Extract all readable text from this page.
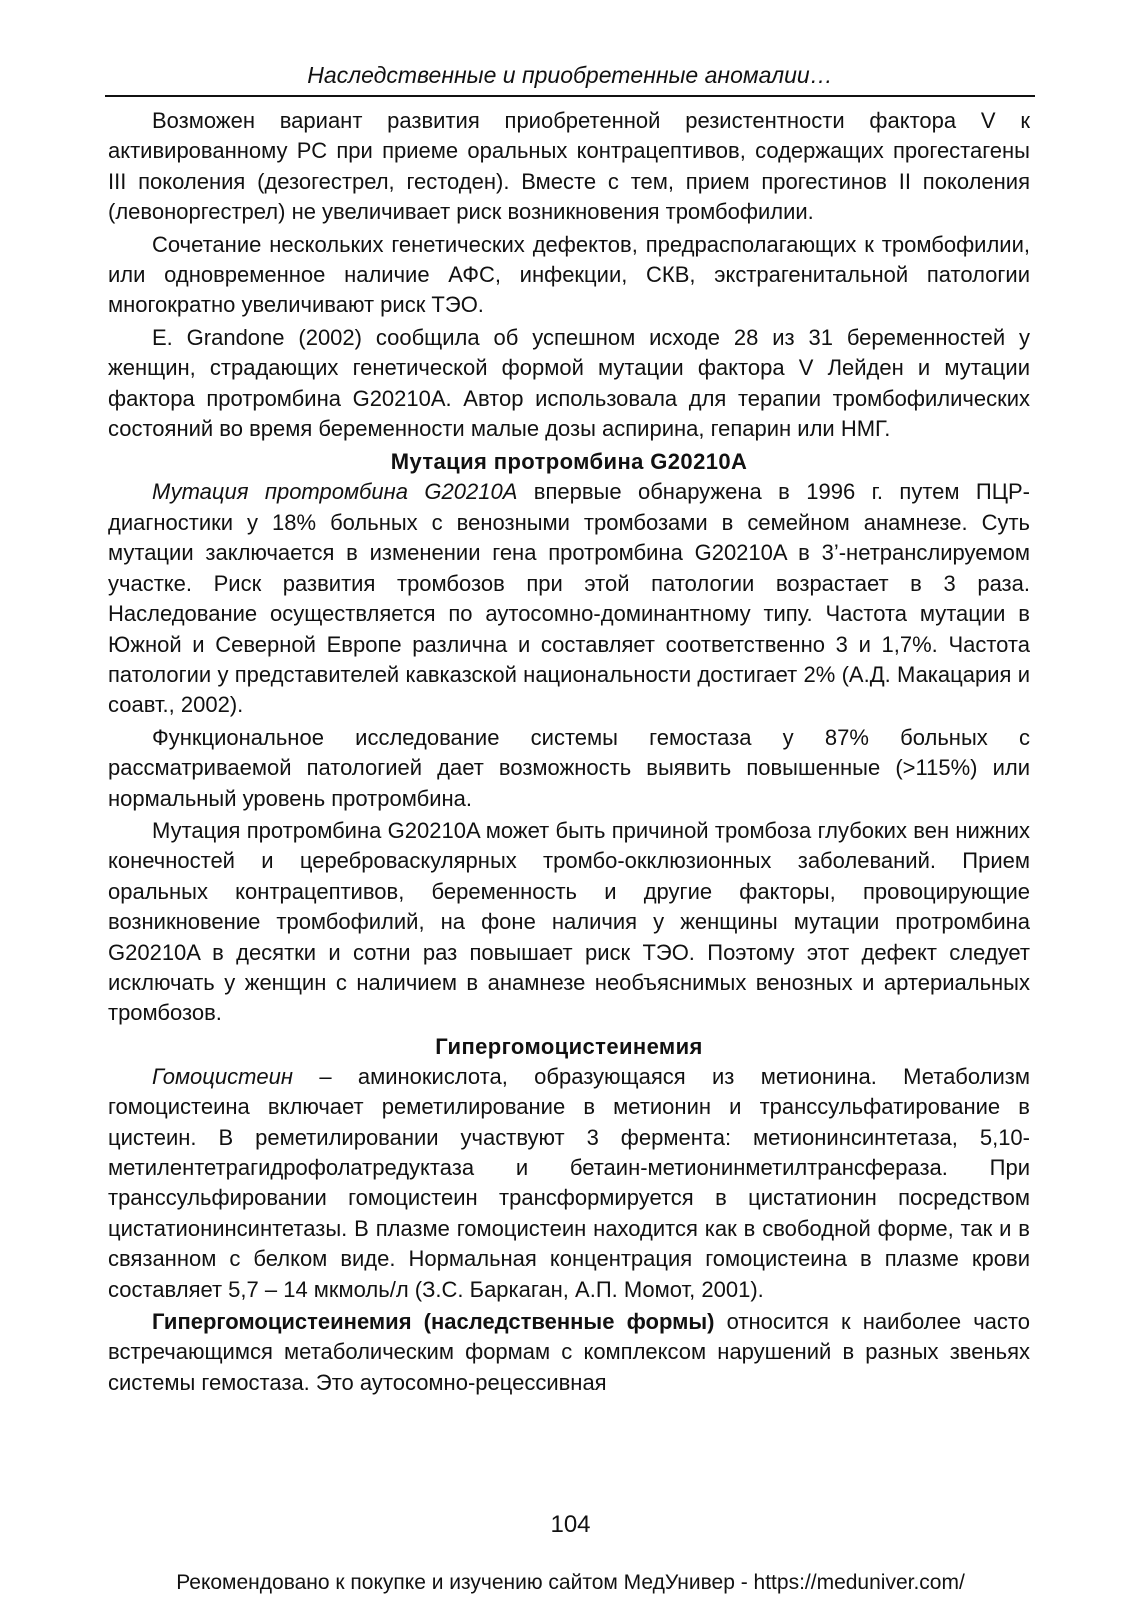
Наследственные и приобретенные аномалии…

Возможен вариант развития приобретенной резистентности фактора V к активированному РС при приеме оральных контрацептивов, содержащих прогестагены III поколения (дезогестрел, гестоден). Вместе с тем, прием прогестинов II поколения (левоноргестрел) не увеличивает риск возникновения тромбофилии.

Сочетание нескольких генетических дефектов, предрасполагающих к тромбофилии, или одновременное наличие АФС, инфекции, СКВ, экстрагенитальной патологии многократно увеличивают риск ТЭО.

E. Grandone (2002) сообщила об успешном исходе 28 из 31 беременностей у женщин, страдающих генетической формой мутации фактора V Лейден и мутации фактора протромбина G20210A. Автор использовала для терапии тромбофилических состояний во время беременности малые дозы аспирина, гепарин или НМГ.

Мутация протромбина G20210A

Мутация протромбина G20210A впервые обнаружена в 1996 г. путем ПЦР-диагностики у 18% больных с венозными тромбозами в семейном анамнезе. Суть мутации заключается в изменении гена протромбина G20210A в 3’-нетранслируемом участке. Риск развития тромбозов при этой патологии возрастает в 3 раза. Наследование осуществляется по аутосомно-доминантному типу. Частота мутации в Южной и Северной Европе различна и составляет соответственно 3 и 1,7%. Частота патологии у представителей кавказской национальности достигает 2% (А.Д. Макацария и соавт., 2002).

Функциональное исследование системы гемостаза у 87% больных с рассматриваемой патологией дает возможность выявить повышенные (>115%) или нормальный уровень протромбина.

Мутация протромбина G20210A может быть причиной тромбоза глубоких вен нижних конечностей и цереброваскулярных тромбо-окклюзионных заболеваний. Прием оральных контрацептивов, беременность и другие факторы, провоцирующие возникновение тромбофилий, на фоне наличия у женщины мутации протромбина G20210A в десятки и сотни раз повышает риск ТЭО. Поэтому этот дефект следует исключать у женщин с наличием в анамнезе необъяснимых венозных и артериальных тромбозов.

Гипергомоцистеинемия

Гомоцистеин – аминокислота, образующаяся из метионина. Метаболизм гомоцистеина включает реметилирование в метионин и транссульфатирование в цистеин. В реметилировании участвуют 3 фермента: метионинсинтетаза, 5,10-метилентетрагидрофолатредуктаза и бетаин-метионинметилтрансфераза. При транссульфировании гомоцистеин трансформируется в цистатионин посредством цистатионинсинтетазы. В плазме гомоцистеин находится как в свободной форме, так и в связанном с белком виде. Нормальная концентрация гомоцистеина в плазме крови составляет 5,7 – 14 мкмоль/л (З.С. Баркаган, А.П. Момот, 2001).

Гипергомоцистеинемия (наследственные формы) относится к наиболее часто встречающимся метаболическим формам с комплексом нарушений в разных звеньях системы гемостаза. Это аутосомно-рецессивная

104
Рекомендовано к покупке и изучению сайтом МедУнивер - https://meduniver.com/
